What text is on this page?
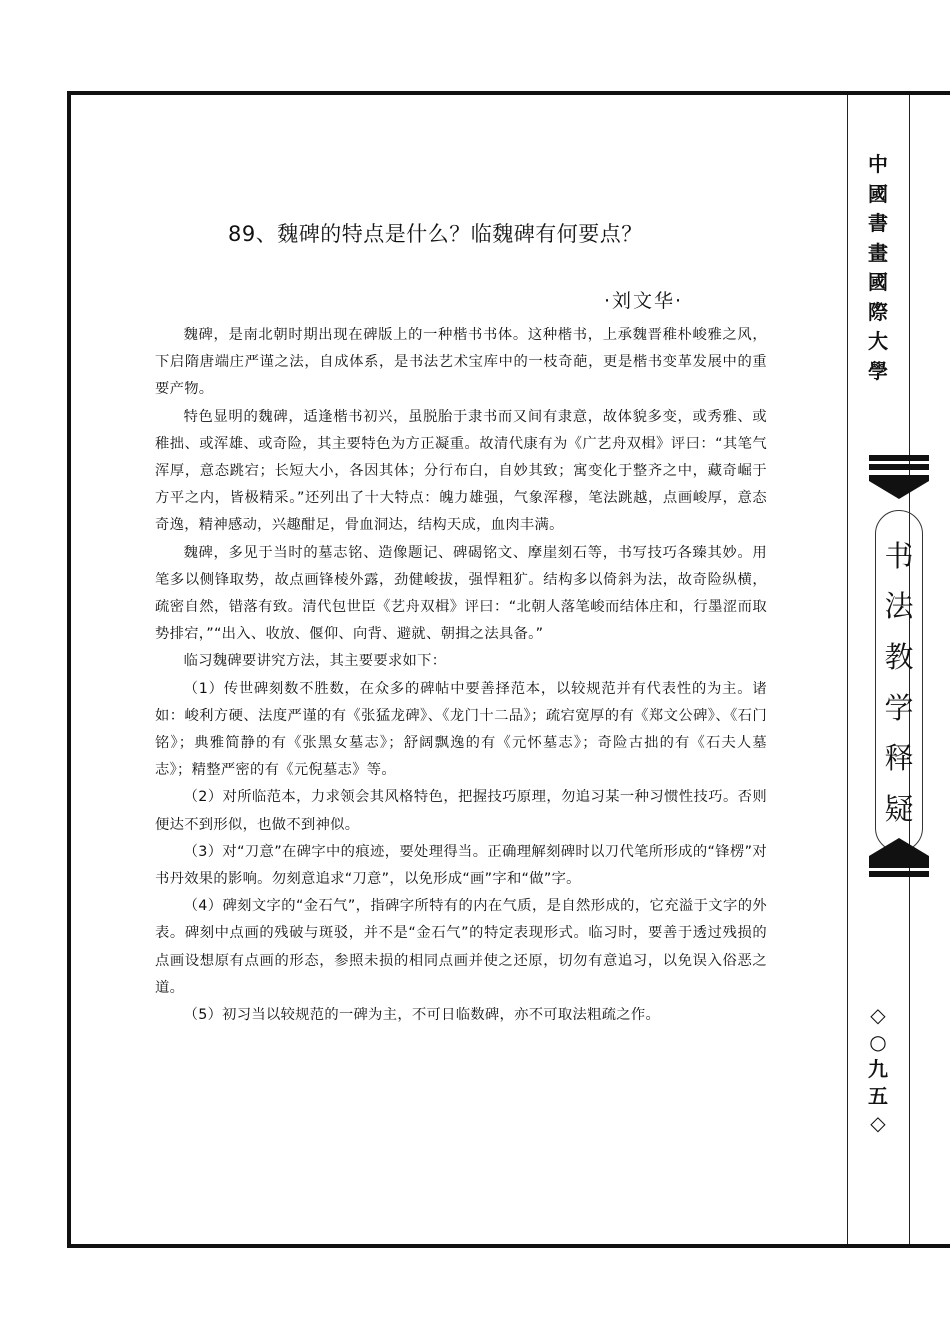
中
國
書
畫
國
際
大
學
书
法
教
学
释
疑
◇
○
九
五
◇
89、魏碑的特点是什么？临魏碑有何要点？
·刘文华·

魏碑，是南北朝时期出现在碑版上的一种楷书书体。这种楷书，上承魏晋稚朴峻雅之风，下启隋唐端庄严谨之法，自成体系，是书法艺术宝库中的一枝奇葩，更是楷书变革发展中的重要产物。

特色显明的魏碑，适逢楷书初兴，虽脱胎于隶书而又间有隶意，故体貌多变，或秀雅、或稚拙、或浑雄、或奇险，其主要特色为方正凝重。故清代康有为《广艺舟双楫》评曰：“其笔气浑厚，意态跳宕；长短大小，各因其体；分行布白，自妙其致；寓变化于整齐之中，藏奇崛于方平之内，皆极精采。”还列出了十大特点：魄力雄强，气象浑穆，笔法跳越，点画峻厚，意态奇逸，精神感动，兴趣酣足，骨血洞达，结构天成，血肉丰满。

魏碑，多见于当时的墓志铭、造像题记、碑碣铭文、摩崖刻石等，书写技巧各臻其妙。用笔多以侧锋取势，故点画锋棱外露，劲健峻拔，强悍粗犷。结构多以倚斜为法，故奇险纵横，疏密自然，错落有致。清代包世臣《艺舟双楫》评曰：“北朝人落笔峻而结体庄和，行墨涩而取势排宕，”“出入、收放、偃仰、向背、避就、朝揖之法具备。”

临习魏碑要讲究方法，其主要要求如下：

（1）传世碑刻数不胜数，在众多的碑帖中要善择范本，以较规范并有代表性的为主。诸如：峻利方硬、法度严谨的有《张猛龙碑》、《龙门十二品》；疏宕宽厚的有《郑文公碑》、《石门铭》；典雅简静的有《张黑女墓志》；舒阔飘逸的有《元怀墓志》；奇险古拙的有《石夫人墓志》；精整严密的有《元倪墓志》等。

（2）对所临范本，力求领会其风格特色，把握技巧原理，勿追习某一种习惯性技巧。否则便达不到形似，也做不到神似。

（3）对“刀意”在碑字中的痕迹，要处理得当。正确理解刻碑时以刀代笔所形成的“锋楞”对书丹效果的影响。勿刻意追求“刀意”，以免形成“画”字和“做”字。

（4）碑刻文字的“金石气”，指碑字所特有的内在气质，是自然形成的，它充溢于文字的外表。碑刻中点画的残破与斑驳，并不是“金石气”的特定表现形式。临习时，要善于透过残损的点画设想原有点画的形态，参照未损的相同点画并使之还原，切勿有意追习，以免误入俗恶之道。

（5）初习当以较规范的一碑为主，不可日临数碑，亦不可取法粗疏之作。
